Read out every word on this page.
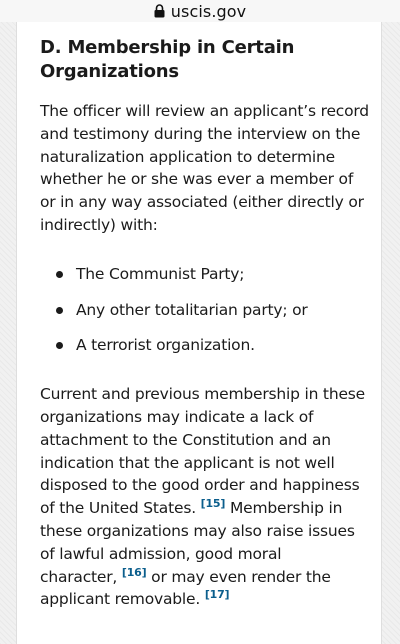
uscis.gov
D. Membership in Certain Organizations

The officer will review an applicant’s record and testimony during the interview on the naturalization application to determine whether he or she was ever a member of or in any way associated (either directly or indirectly) with:

The Communist Party;
Any other totalitarian party; or
A terrorist organization.

Current and previous membership in these organizations may indicate a lack of attachment to the Constitution and an indication that the applicant is not well disposed to the good order and happiness of the United States. [15] Membership in these organizations may also raise issues of lawful admission, good moral character, [16] or may even render the applicant removable. [17]
